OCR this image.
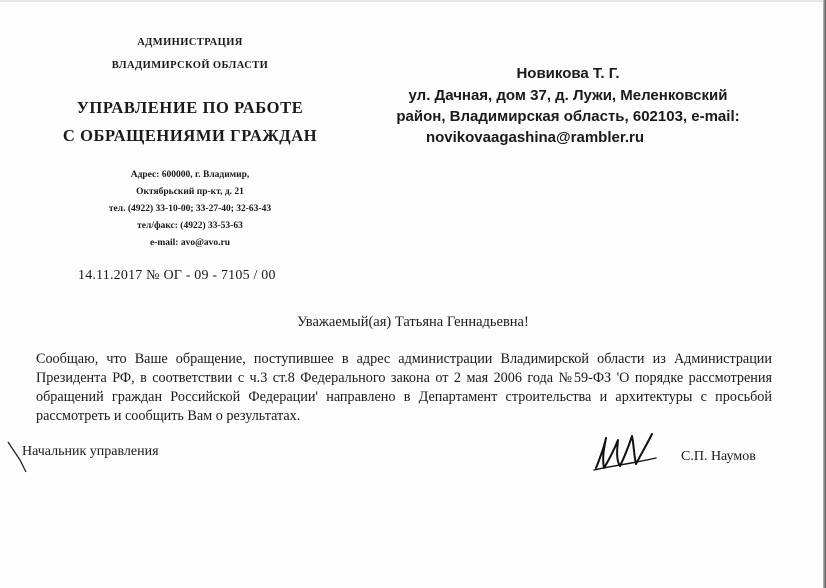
АДМИНИСТРАЦИЯ
ВЛАДИМИРСКОЙ ОБЛАСТИ
УПРАВЛЕНИЕ ПО РАБОТЕ
С ОБРАЩЕНИЯМИ ГРАЖДАН
Адрес: 600000, г. Владимир,
Октябрьский пр-кт, д. 21
тел. (4922) 33-10-00; 33-27-40; 32-63-43
тел/факс: (4922) 33-53-63
e-mail: avo@avo.ru
14.11.2017 № ОГ - 09 - 7105 / 00
Новикова Т. Г.
ул. Дачная, дом 37, д. Лужи, Меленковский
район, Владимирская область, 602103, e-mail:
novikovaagashina@rambler.ru
Уважаемый(ая) Татьяна Геннадьевна!
Сообщаю, что Ваше обращение, поступившее в адрес администрации Владимирской области из Администрации Президента РФ, в соответствии с ч.3 ст.8 Федерального закона от 2 мая 2006 года №59-ФЗ 'О порядке рассмотрения обращений граждан Российской Федерации' направлено в Департамент строительства и архитектуры с просьбой рассмотреть и сообщить Вам о результатах.
Начальник управления	С.П. Наумов
